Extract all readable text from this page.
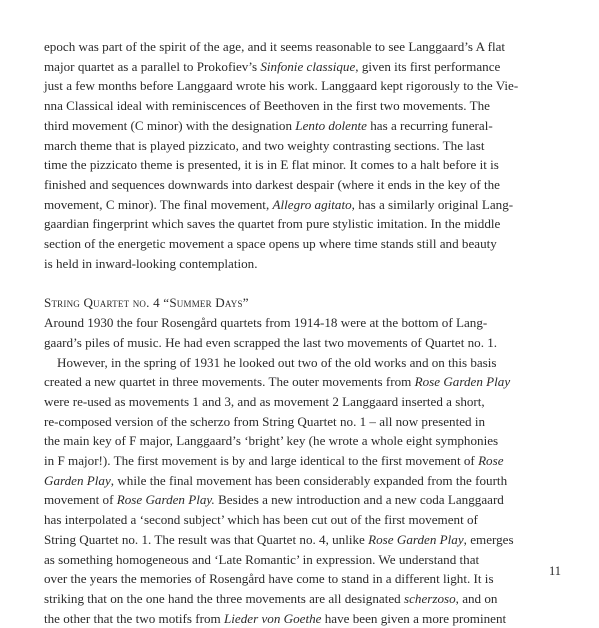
epoch was part of the spirit of the age, and it seems reasonable to see Langgaard’s A flat
major quartet as a parallel to Prokofiev’s Sinfonie classique, given its first performance
just a few months before Langgaard wrote his work. Langgaard kept rigorously to the Vie-
nna Classical ideal with reminiscences of Beethoven in the first two movements. The
third movement (C minor) with the designation Lento dolente has a recurring funeral-
march theme that is played pizzicato, and two weighty contrasting sections. The last
time the pizzicato theme is presented, it is in E flat minor. It comes to a halt before it is
finished and sequences downwards into darkest despair (where it ends in the key of the
movement, C minor). The final movement, Allegro agitato, has a similarly original Lang-
gaardian fingerprint which saves the quartet from pure stylistic imitation. In the middle
section of the energetic movement a space opens up where time stands still and beauty
is held in inward-looking contemplation.

String Quartet no. 4 “Summer Days”

Around 1930 the four Rosengård quartets from 1914-18 were at the bottom of Lang-
gaard’s piles of music. He had even scrapped the last two movements of Quartet no. 1.

However, in the spring of 1931 he looked out two of the old works and on this basis
created a new quartet in three movements. The outer movements from Rose Garden Play
were re-used as movements 1 and 3, and as movement 2 Langgaard inserted a short,
re-composed version of the scherzo from String Quartet no. 1 – all now presented in
the main key of F major, Langgaard’s ‘bright’ key (he wrote a whole eight symphonies
in F major!). The first movement is by and large identical to the first movement of Rose
Garden Play, while the final movement has been considerably expanded from the fourth
movement of Rose Garden Play. Besides a new introduction and a new coda Langgaard
has interpolated a ‘second subject’ which has been cut out of the first movement of
String Quartet no. 1. The result was that Quartet no. 4, unlike Rose Garden Play, emerges
as something homogeneous and ‘Late Romantic’ in expression. We understand that
over the years the memories of Rosengård have come to stand in a different light. It is
striking that on the one hand the three movements are all designated scherzoso, and on
the other that the two motifs from Lieder von Goethe have been given a more prominent

11
